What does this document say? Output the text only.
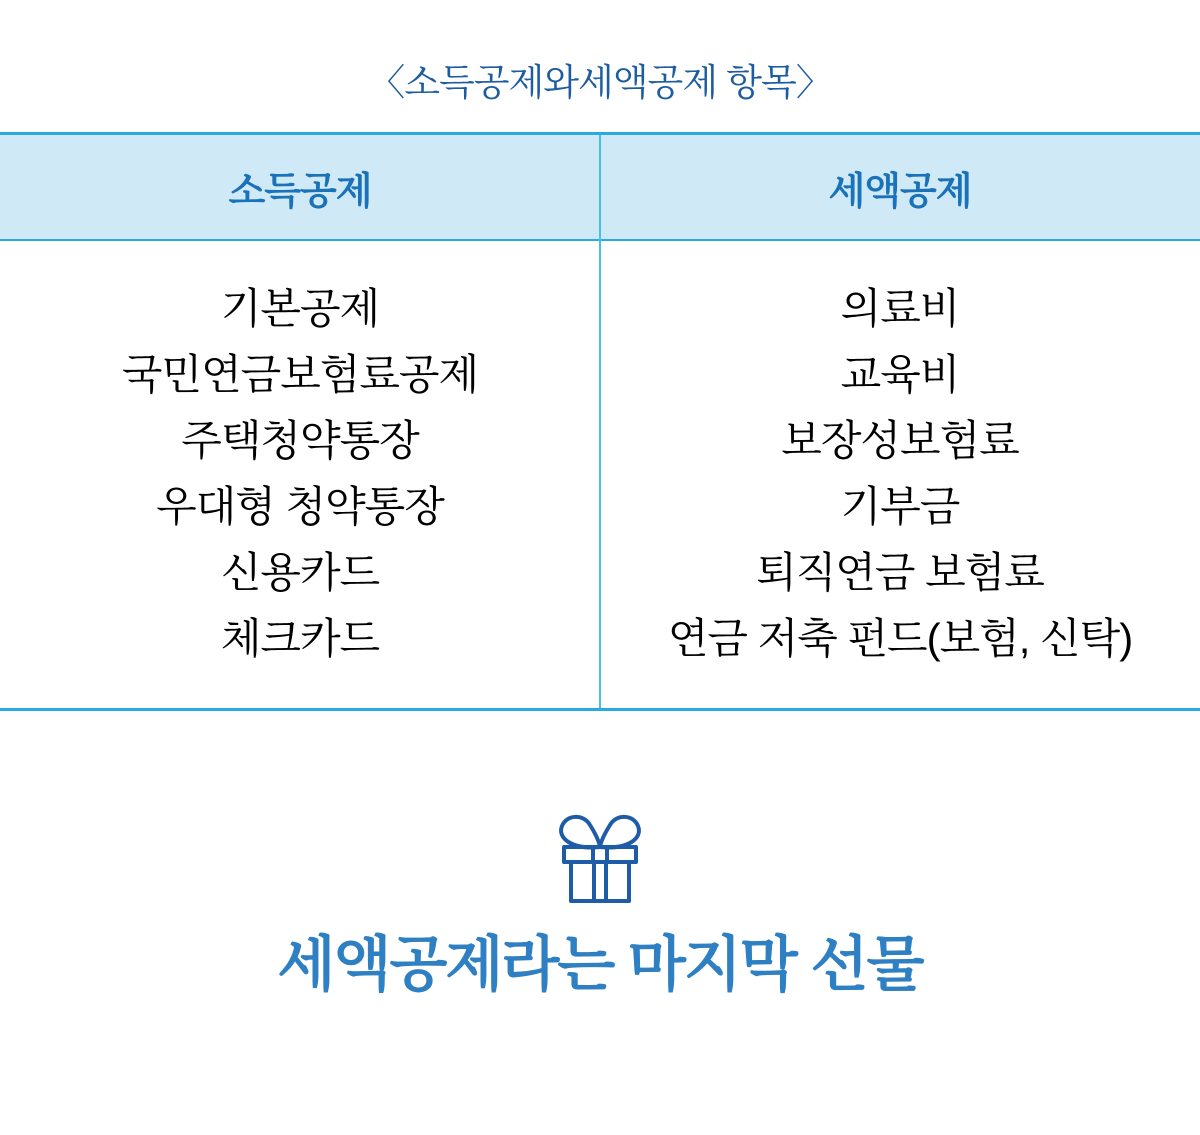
〈소득공제와세액공제 항목〉
소득공제	세액공제
기본공제
국민연금보험료공제
주택청약통장
우대형 청약통장
신용카드
체크카드
의료비
교육비
보장성보험료
기부금
퇴직연금 보험료
연금 저축 펀드(보험, 신탁)
세액공제라는 마지막 선물
